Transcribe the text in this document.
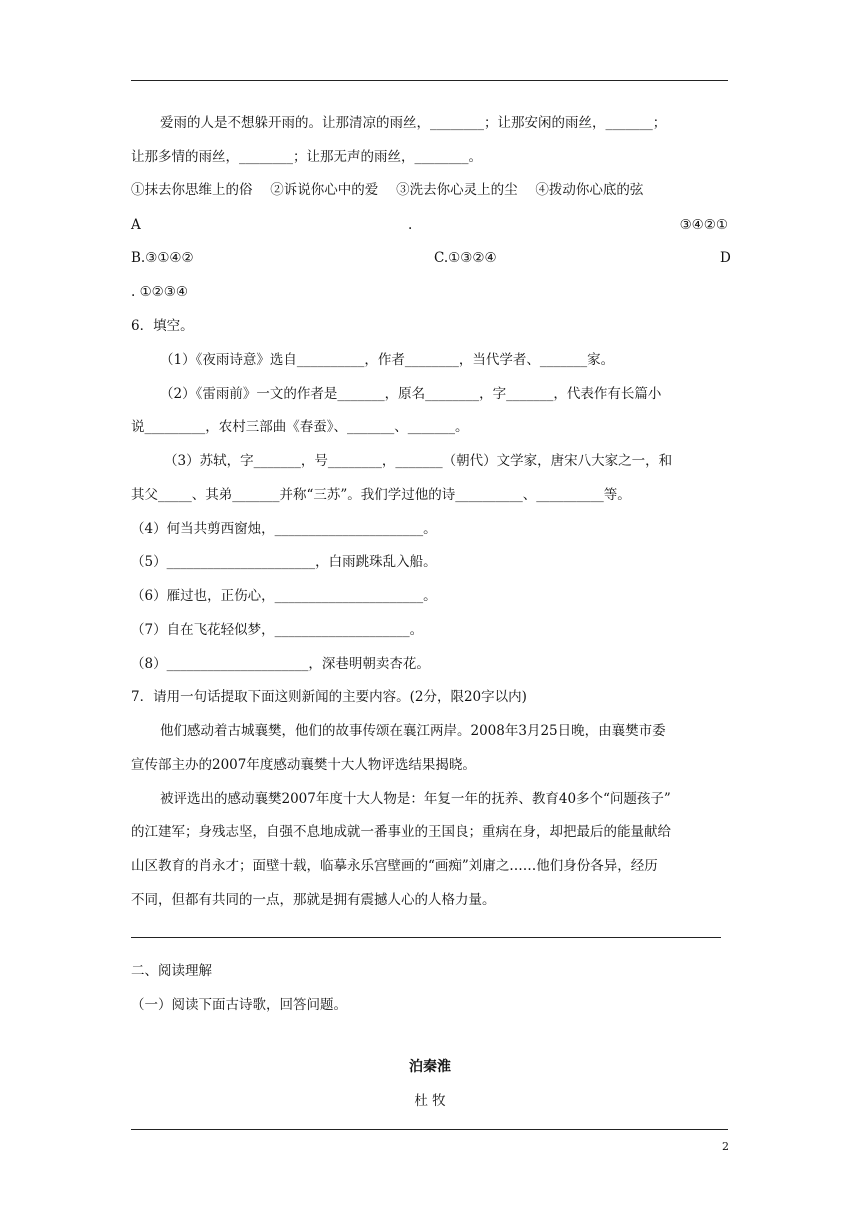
爱雨的人是不想躲开雨的。让那清凉的雨丝，________；让那安闲的雨丝，_______；
让那多情的雨丝，________；让那无声的雨丝，________。
①抹去你思维上的俗　 ②诉说你心中的爱　 ③洗去你心灵上的尘　 ④拨动你心底的弦
A	.	③④②①
B.③①④②	C.①③②④	D
. ①②③④
6．填空。
（1）《夜雨诗意》选自__________，作者________，当代学者、_______家。
（2）《雷雨前》一文的作者是_______，原名________，字_______，代表作有长篇小
说_________，农村三部曲《春蚕》、_______、_______。
（3）苏轼，字_______，号________，_______（朝代）文学家，唐宋八大家之一，和
其父_____、其弟_______并称“三苏”。我们学过他的诗__________、__________等。
（4）何当共剪西窗烛，______________________。
（5）______________________，白雨跳珠乱入船。
（6）雁过也，正伤心，______________________。
（7）自在飞花轻似梦，____________________。
（8）_____________________，深巷明朝卖杏花。
7．请用一句话提取下面这则新闻的主要内容。(2分，限20字以内)
他们感动着古城襄樊，他们的故事传颂在襄江两岸。2008年3月25日晚，由襄樊市委
宣传部主办的2007年度感动襄樊十大人物评选结果揭晓。
被评选出的感动襄樊2007年度十大人物是：年复一年的抚养、教育40多个“问题孩子”
的江建军；身残志坚，自强不息地成就一番事业的王国良；重病在身，却把最后的能量献给
山区教育的肖永才；面壁十载，临摹永乐宫壁画的“画痴”刘庸之……他们身份各异，经历
不同，但都有共同的一点，那就是拥有震撼人心的人格力量。
二、阅读理解
（一）阅读下面古诗歌，回答问题。
泊秦淮
杜 牧
2
